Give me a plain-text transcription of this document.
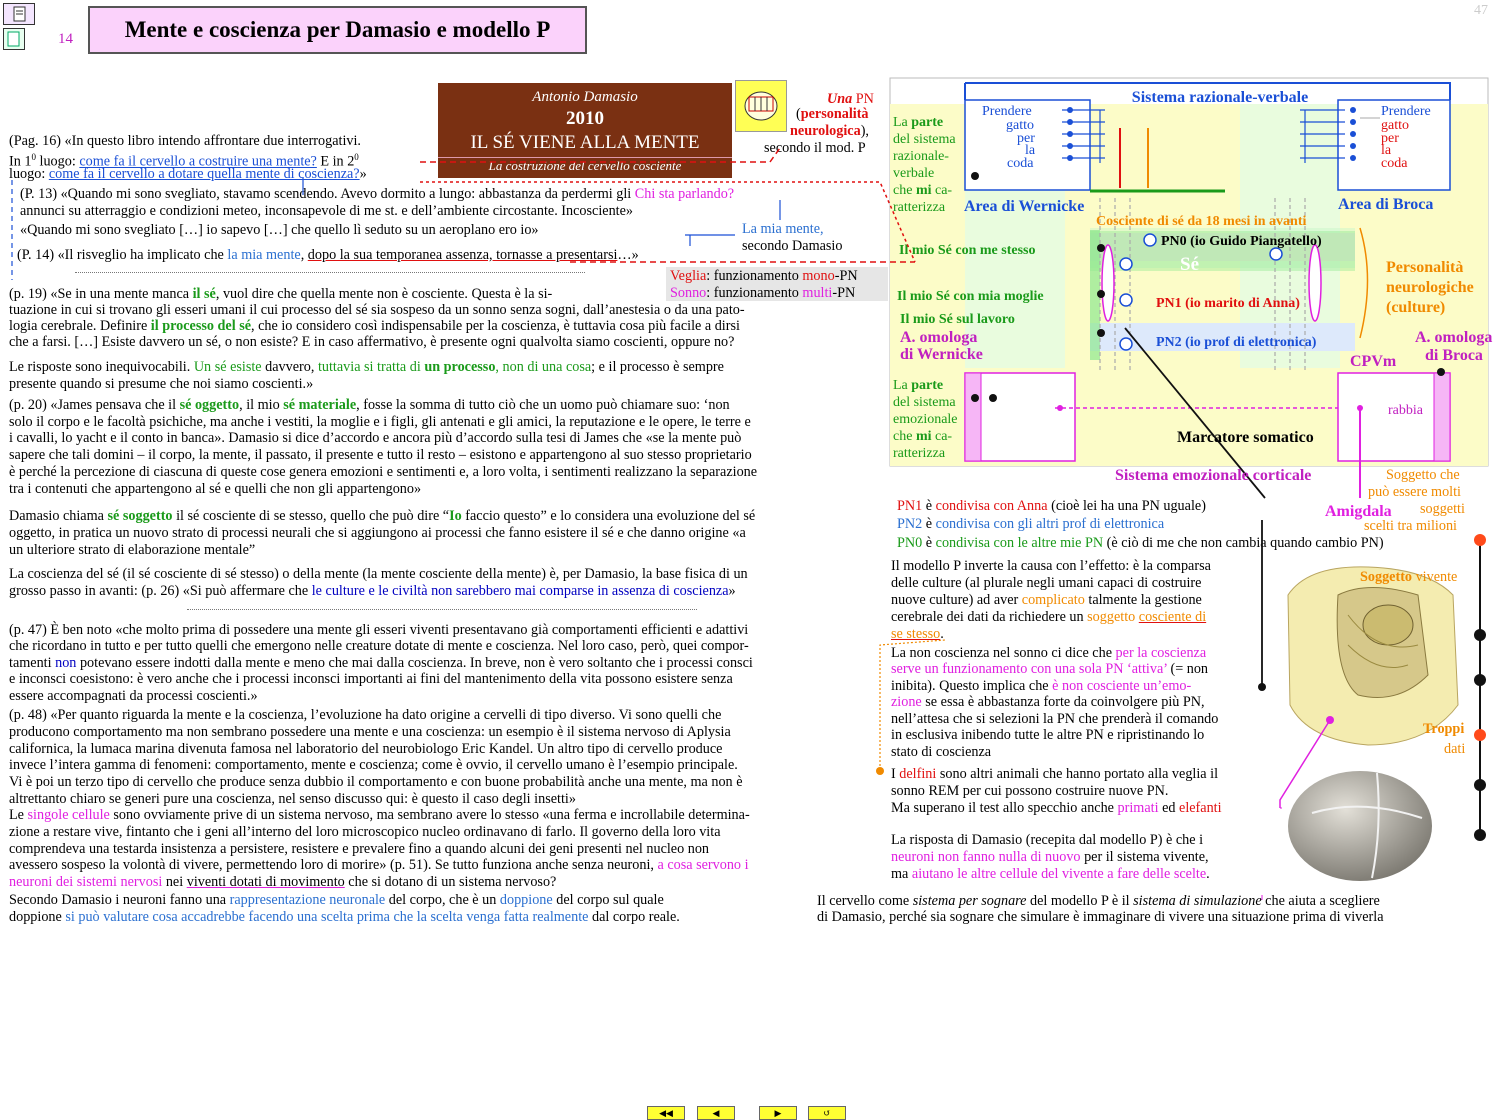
14	Mente e coscienza per Damasio e modello P
47
Antonio Damasio
2010
IL SÉ VIENE ALLA MENTE
La costruzione del cervello cosciente
Una PN
(personalità
neurologica),
secondo il mod. P
(Pag. 16) «In questo libro intendo affrontare due interrogativi.
In $1^0$ luogo: come fa il cervello a costruire una mente? E in $2^0$
luogo: come fa il cervello a dotare quella mente di coscienza?»
(P. 13) «Quando mi sono svegliato, stavamo scendendo. Avevo dormito a lungo: abbastanza da perdermi gli Chi sta parlando?
annunci su atterraggio e condizioni meteo, inconsapevole di me st. e dell’ambiente circostante. Incosciente»
«Quando mi sono svegliato […] io sapevo […] che quello lì seduto su un aeroplano ero io»	La mia mente,
secondo Damasio
(P. 14) «Il risveglio ha implicato che la mia mente, dopo la sua temporanea assenza, tornasse a presentarsi…»
Veglia: funzionamento mono-PN
Sonno: funzionamento multi-PN
(p. 19) «Se in una mente manca il sé, vuol dire che quella mente non è cosciente. Questa è la si-
tuazione in cui si trovano gli esseri umani il cui processo del sé sia sospeso da un sonno senza sogni, dall’anestesia o da una pato-
logia cerebrale. Definire il processo del sé, che io considero così indispensabile per la coscienza, è tuttavia cosa più facile a dirsi
che a farsi. […] Esiste davvero un sé, o non esiste? E in caso affermativo, è presente ogni qualvolta siamo coscienti, oppure no?
Le risposte sono inequivocabili. Un sé esiste davvero, tuttavia si tratta di un processo, non di una cosa; e il processo è sempre
presente quando si presume che noi siamo coscienti.»
(p. 20) «James pensava che il sé oggetto, il mio sé materiale, fosse la somma di tutto ciò che un uomo può chiamare suo: ‘non
solo il corpo e le facoltà psichiche, ma anche i vestiti, la moglie e i figli, gli antenati e gli amici, la reputazione e le opere, le terre e
i cavalli, lo yacht e il conto in banca». Damasio si dice d’accordo e ancora più d’accordo sulla tesi di James che «se la mente può
sapere che tali domini – il corpo, la mente, il passato, il presente e tutto il resto – esistono e appartengono al suo stesso proprietario
è perché la percezione di ciascuna di queste cose genera emozioni e sentimenti e, a loro volta, i sentimenti realizzano la separazione
tra i contenuti che appartengono al sé e quelli che non gli appartengono»
Damasio chiama sé soggetto il sé cosciente di se stesso, quello che può dire “Io faccio questo” e lo considera una evoluzione del sé
oggetto, in pratica un nuovo strato di processi neurali che si aggiungono ai processi che fanno esistere il sé e che danno origine «a
un ulteriore strato di elaborazione mentale”
La coscienza del sé (il sé cosciente di sé stesso) o della mente (la mente cosciente della mente) è, per Damasio, la base fisica di un
grosso passo in avanti: (p. 26) «Si può affermare che le culture e le civiltà non sarebbero mai comparse in assenza di coscienza»
(p. 47) È ben noto «che molto prima di possedere una mente gli esseri viventi presentavano già comportamenti efficienti e adattivi
che ricordano in tutto e per tutto quelli che emergono nelle creature dotate di mente e coscienza. Nel loro caso, però, quei compor-
tamenti non potevano essere indotti dalla mente e meno che mai dalla coscienza. In breve, non è vero soltanto che i processi consci
e inconsci coesistono: è vero anche che i processi inconsci importanti ai fini del mantenimento della vita possono esistere senza
essere accompagnati da processi coscienti.»
(p. 48) «Per quanto riguarda la mente e la coscienza, l’evoluzione ha dato origine a cervelli di tipo diverso. Vi sono quelli che
producono comportamento ma non sembrano possedere una mente e una coscienza: un esempio è il sistema nervoso di Aplysia
californica, la lumaca marina divenuta famosa nel laboratorio del neurobiologo Eric Kandel. Un altro tipo di cervello produce
invece l’intera gamma di fenomeni: comportamento, mente e coscienza; come è ovvio, il cervello umano è l’esempio principale.
Vi è poi un terzo tipo di cervello che produce senza dubbio il comportamento e con buone probabilità anche una mente, ma non è
altrettanto chiaro se generi pure una coscienza, nel senso discusso qui: è questo il caso degli insetti»
Le singole cellule sono ovviamente prive di un sistema nervoso, ma sembrano avere lo stesso «una ferma e incrollabile determina-
zione a restare vive, fintanto che i geni all’interno del loro microscopico nucleo ordinavano di farlo. Il governo della loro vita
comprendeva una testarda insistenza a persistere, resistere e prevalere fino a quando alcuni dei geni presenti nel nucleo non
avessero sospeso la volontà di vivere, permettendo loro di morire» (p. 51). Se tutto funziona anche senza neuroni, a cosa servono i
neuroni dei sistemi nervosi nei viventi dotati di movimento che si dotano di un sistema nervoso?
Secondo Damasio i neuroni fanno una rappresentazione neuronale del corpo, che è un doppione del corpo sul quale
doppione si può valutare cosa accadrebbe facendo una scelta prima che la scelta venga fatta realmente dal corpo reale.
Sistema razionale-verbale
Prendere
gatto
per
la
coda
Prendere
gatto
per
la
coda
La parte
del sistema
razionale-
verbale
che mi ca-
ratterizza
La parte
del sistema
emozionale
che mi ca-
ratterizza
Area di Wernicke	Area di Broca
Cosciente di sé da 18 mesi in avanti
Il mio Sé con me stesso
Il mio Sé con mia moglie
Il mio Sé sul lavoro
A. omologa
di Wernicke
A. omologa
di Broca
PN0 (io Guido Piangatello)
Sé
PN1 (io marito di Anna)
PN2 (io prof di elettronica)
CPVm
Personalità
neurologiche
(culture)
rabbia
Marcatore somatico
Sistema emozionale corticale
Amigdala
Soggetto che
può essere molti
soggetti
scelti tra milioni
PN1 è condivisa con Anna (cioè lei ha una PN uguale)
PN2 è condivisa con gli altri prof di elettronica
PN0 è condivisa con le altre mie PN (è ciò di me che non cambia quando cambio PN)
Soggetto vivente
Troppi
dati
Il modello P inverte la causa con l’effetto: è la comparsa
delle culture (al plurale negli umani capaci di costruire
nuove culture) ad aver complicato talmente la gestione
cerebrale dei dati da richiedere un soggetto cosciente di
se stesso.
La non coscienza nel sonno ci dice che per la coscienza
serve un funzionamento con una sola PN ‘attiva’ (= non
inibita). Questo implica che è non cosciente un’emo-
zione se essa è abbastanza forte da coinvolgere più PN,
nell’attesa che si selezioni la PN che prenderà il comando
in esclusiva inibendo tutte le altre PN e ripristinando lo
stato di coscienza
I delfini sono altri animali che hanno portato alla veglia il
sonno REM per cui possono costruire nuove PN.
Ma superano il test allo specchio anche primati ed elefanti
La risposta di Damasio (recepita dal modello P) è che i
neuroni non fanno nulla di nuovo per il sistema vivente,
ma aiutano le altre cellule del vivente a fare delle scelte.
Il cervello come sistema per sognare del modello P è il sistema di simulazione che aiuta a scegliere
di Damasio, perché sia sognare che simulare è immaginare di vivere una situazione prima di viverla
◀◀	◀	▶	↺
